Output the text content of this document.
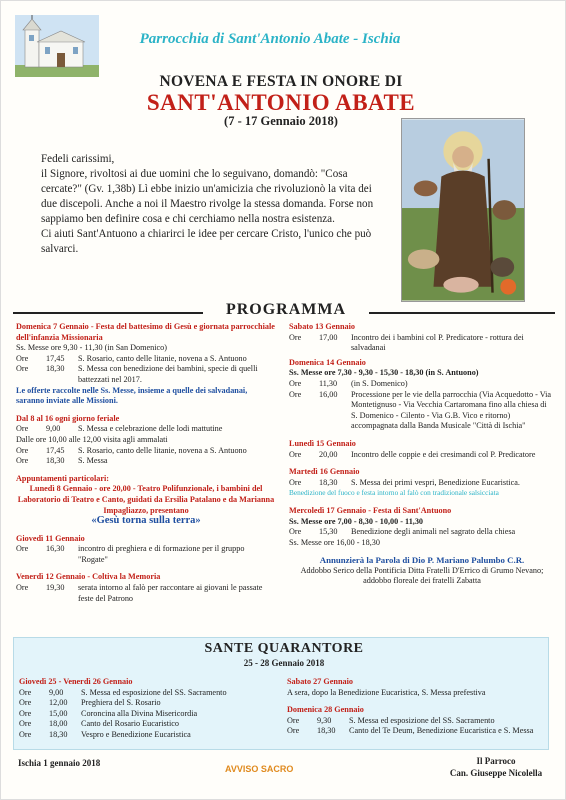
Parrocchia di Sant'Antonio Abate - Ischia
NOVENA E FESTA IN ONORE DI
SANT'ANTONIO ABATE
(7 - 17 Gennaio 2018)
Fedeli carissimi,
il Signore, rivoltosi ai due uomini che lo seguivano, domandò: "Cosa cercate?" (Gv. 1,38b) Lì ebbe inizio un'amicizia che rivoluzionò la vita dei due discepoli. Anche a noi il Maestro rivolge la stessa domanda. Forse non sappiamo ben definire cosa e chi cerchiamo nella nostra esistenza.
Ci aiuti Sant'Antuono a chiarirci le idee per cercare Cristo, l'unico che può salvarci.
PROGRAMMA
Domenica 7 Gennaio - Festa del battesimo di Gesù e giornata parrocchiale dell'infanzia Missionaria
Ss. Messe ore 9,30 - 11,30 (in San Domenico)
Ore	17,45	S. Rosario, canto delle litanie, novena a S. Antuono
Ore	18,30	S. Messa con benedizione dei bambini, specie di quelli battezzati nel 2017.
Le offerte raccolte nelle Ss. Messe, insieme a quelle dei salvadanai, saranno inviate alle Missioni.
Dal 8 al 16 ogni giorno feriale
Ore	9,00	S. Messa e celebrazione delle lodi mattutine
Dalle ore 10,00 alle 12,00 visita agli ammalati
Ore	17,45	S. Rosario, canto delle litanie, novena a S. Antuono
Ore	18,30	S. Messa
Appuntamenti particolari:
Lunedì 8 Gennaio - ore 20,00 - Teatro Polifunzionale, i bambini del Laboratorio di Teatro e Canto, guidati da Ersilia Patalano e da Marianna Impagliazzo, presentano
«Gesù torna sulla terra»
Giovedì 11 Gennaio
Ore	16,30	incontro di preghiera e di formazione per il gruppo "Rogate"
Venerdì 12 Gennaio - Coltiva la Memoria
Ore	19,30	serata intorno al falò per raccontare ai giovani le passate feste del Patrono
Sabato 13 Gennaio
Ore	17,00	Incontro dei i bambini col P. Predicatore - rottura dei salvadanai
Domenica 14 Gennaio
Ss. Messe ore 7,30 - 9,30 - 15,30 - 18,30 (in S. Antuono)
Ore	11,30	(in S. Domenico)
Ore	16,00	Processione per le vie della parrocchia (Via Acquedotto - Via Montetignuso - Via Vecchia Cartaromana fino alla chiesa di S. Domenico - Cilento - Via G.B. Vico e ritorno) accompagnata dalla Banda Musicale "Città di Ischia"
Lunedì 15 Gennaio
Ore	20,00	Incontro delle coppie e dei cresimandi col P. Predicatore
Martedì 16 Gennaio
Ore	18,30	S. Messa dei primi vespri, Benedizione Eucaristica.
Benedizione del fuoco e festa intorno al falò con tradizionale salsicciata
Mercoledì 17 Gennaio - Festa di Sant'Antuono
Ss. Messe ore 7,00 - 8,30 - 10,00 - 11,30
Ore	15,30	Benedizione degli animali nel sagrato della chiesa
Ss. Messe ore 16,00 - 18,30
Annunzierà la Parola di Dio P. Mariano Palumbo C.R.
Addobbo Serico della Pontificia Ditta Fratelli D'Errico di Grumo Nevano; addobbo floreale dei fratelli Zabatta
SANTE QUARANTORE
25 - 28 Gennaio 2018
Giovedì 25 - Venerdì 26 Gennaio
Ore	9,00	S. Messa ed esposizione del SS. Sacramento
Ore	12,00	Preghiera del S. Rosario
Ore	15,00	Coroncina alla Divina Misericordia
Ore	18,00	Canto del Rosario Eucaristico
Ore	18,30	Vespro e Benedizione Eucaristica
Sabato 27 Gennaio
A sera, dopo la Benedizione Eucaristica, S. Messa prefestiva
Domenica 28 Gennaio
Ore	9,30	S. Messa ed esposizione del SS. Sacramento
Ore	18,30	Canto del Te Deum, Benedizione Eucaristica e S. Messa
Ischia 1 gennaio 2018
AVVISO SACRO
Il Parroco
Can. Giuseppe Nicolella
